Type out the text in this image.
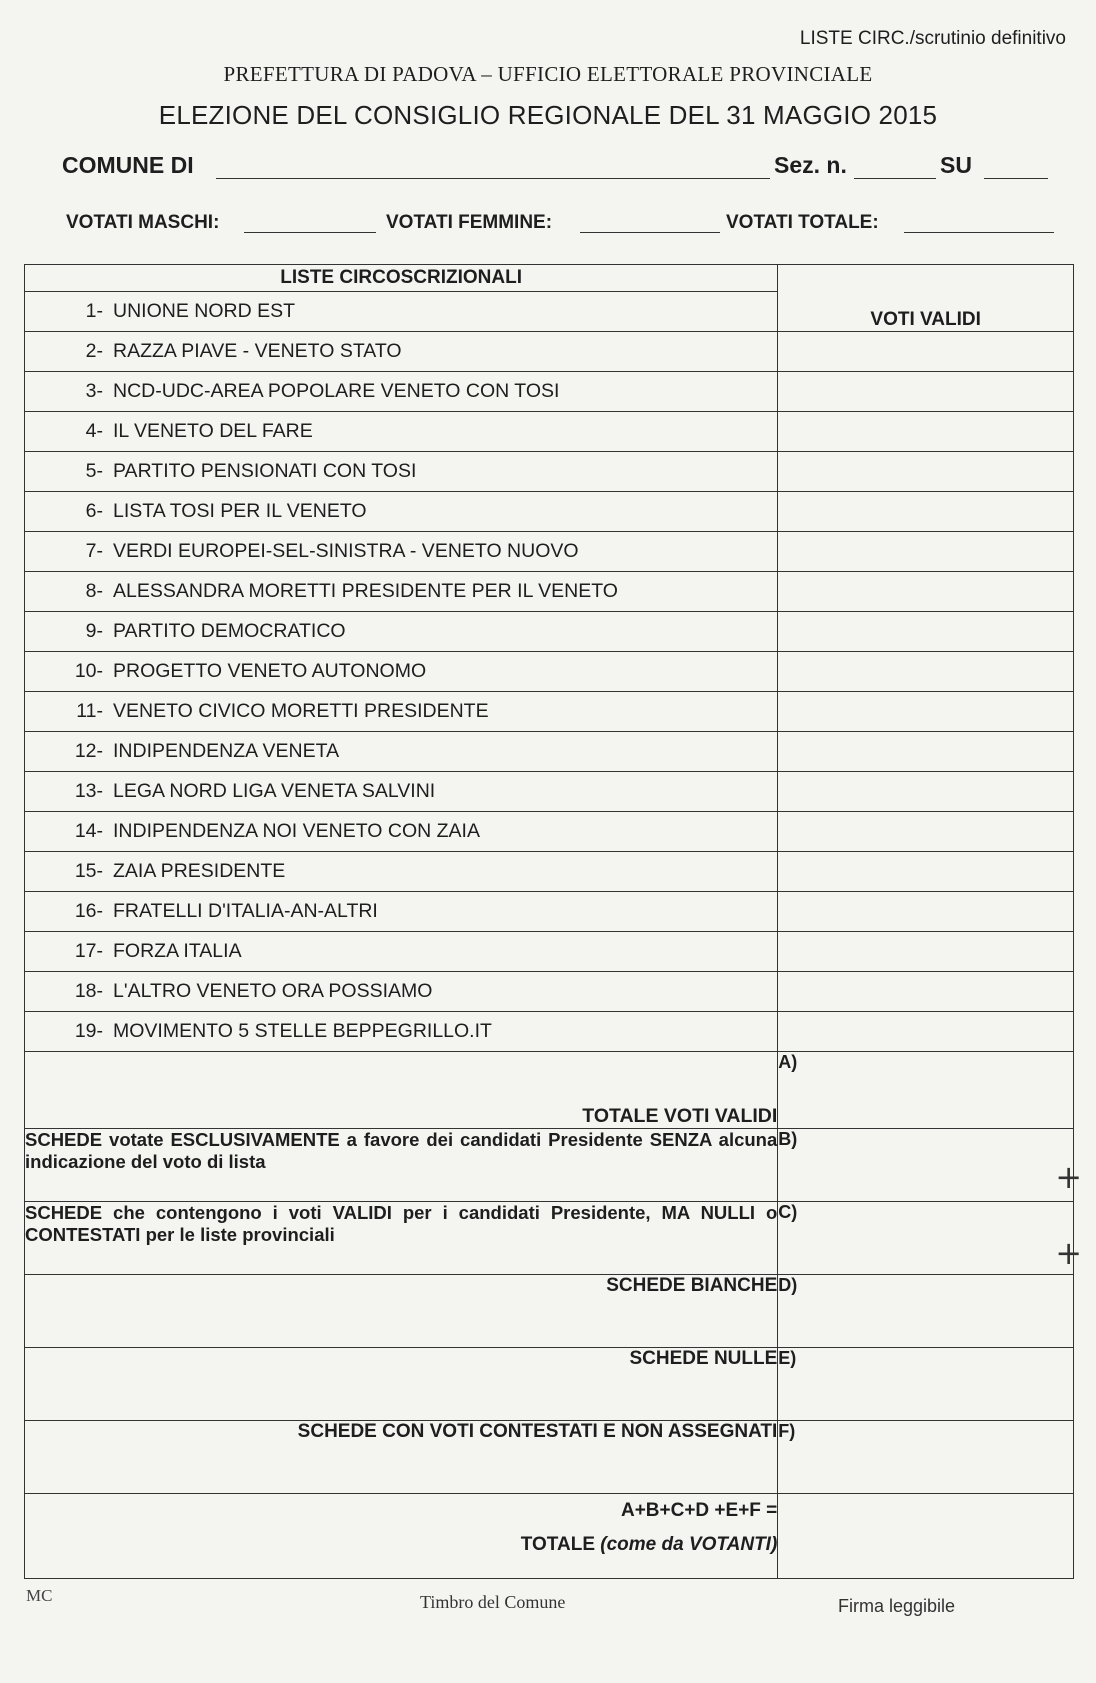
LISTE CIRC./scrutinio definitivo
PREFETTURA DI PADOVA – UFFICIO ELETTORALE PROVINCIALE
ELEZIONE DEL CONSIGLIO REGIONALE DEL 31 MAGGIO 2015
COMUNE DI	Sez. n.	SU
VOTATI MASCHI:	VOTATI FEMMINE:	VOTATI TOTALE:
LISTE CIRCOSCRIZIONALI	VOTI VALIDI
1- UNIONE NORD EST	
2- RAZZA PIAVE - VENETO STATO	
3- NCD-UDC-AREA POPOLARE VENETO CON TOSI	
4- IL VENETO DEL FARE	
5- PARTITO PENSIONATI CON TOSI	
6- LISTA TOSI PER IL VENETO	
7- VERDI EUROPEI-SEL-SINISTRA - VENETO NUOVO	
8- ALESSANDRA MORETTI PRESIDENTE PER IL VENETO	
9- PARTITO DEMOCRATICO	
10- PROGETTO VENETO AUTONOMO	
11- VENETO CIVICO MORETTI PRESIDENTE	
12- INDIPENDENZA VENETA	
13- LEGA NORD LIGA VENETA SALVINI	
14- INDIPENDENZA NOI VENETO CON ZAIA	
15- ZAIA PRESIDENTE	
16- FRATELLI D'ITALIA-AN-ALTRI	
17- FORZA ITALIA	
18- L'ALTRO VENETO ORA POSSIAMO	
19- MOVIMENTO 5 STELLE BEPPEGRILLO.IT	
TOTALE VOTI VALIDI	A)
SCHEDE votate ESCLUSIVAMENTE a favore dei candidati Presidente SENZA alcuna indicazione del voto di lista	B)
SCHEDE che contengono i voti VALIDI per i candidati Presidente, MA NULLI o CONTESTATI per le liste provinciali	C)
SCHEDE BIANCHE	D)
SCHEDE NULLE	E)
SCHEDE CON VOTI CONTESTATI E NON ASSEGNATI	F)
A+B+C+D +E+F =
TOTALE (come da VOTANTI)	
MC	Timbro del Comune	Firma leggibile
+
+
